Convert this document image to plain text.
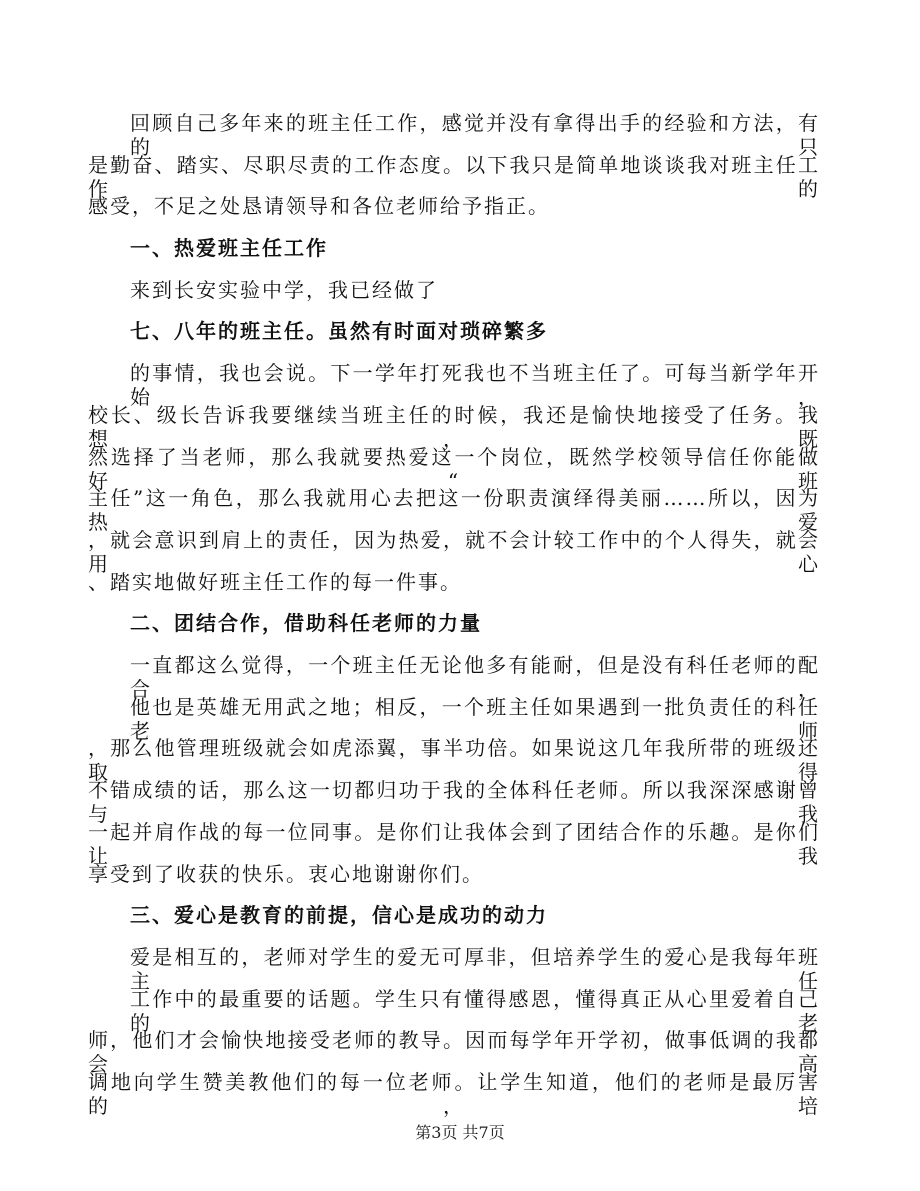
回顾自己多年来的班主任工作，感觉并没有拿得出手的经验和方法，有的只
是勤奋、踏实、尽职尽责的工作态度。以下我只是简单地谈谈我对班主任工作的
感受，不足之处恳请领导和各位老师给予指正。
一、热爱班主任工作
来到长安实验中学，我已经做了
七、八年的班主任。虽然有时面对琐碎繁多
的事情，我也会说。下一学年打死我也不当班主任了。可每当新学年开始，
校长、级长告诉我要继续当班主任的时候，我还是愉快地接受了任务。我想，既
然选择了当老师，那么我就要热爱这一个岗位，既然学校领导信任你能做好“班
主任”这一角色，那么我就用心去把这一份职责演绎得美丽……所以，因为热爱
，就会意识到肩上的责任，因为热爱，就不会计较工作中的个人得失，就会用心
、踏实地做好班主任工作的每一件事。
二、团结合作，借助科任老师的力量
一直都这么觉得，一个班主任无论他多有能耐，但是没有科任老师的配合，
他也是英雄无用武之地；相反，一个班主任如果遇到一批负责任的科任老师
，那么他管理班级就会如虎添翼，事半功倍。如果说这几年我所带的班级还取得
不错成绩的话，那么这一切都归功于我的全体科任老师。所以我深深感谢曾与我
一起并肩作战的每一位同事。是你们让我体会到了团结合作的乐趣。是你们让我
享受到了收获的快乐。衷心地谢谢你们。
三、爱心是教育的前提，信心是成功的动力
爱是相互的，老师对学生的爱无可厚非，但培养学生的爱心是我每年班主任
工作中的最重要的话题。学生只有懂得感恩，懂得真正从心里爱着自己的老
师，他们才会愉快地接受老师的教导。因而每学年开学初，做事低调的我都会高
调地向学生赞美教他们的每一位老师。让学生知道，他们的老师是最厉害的，培
第3页 共7页
